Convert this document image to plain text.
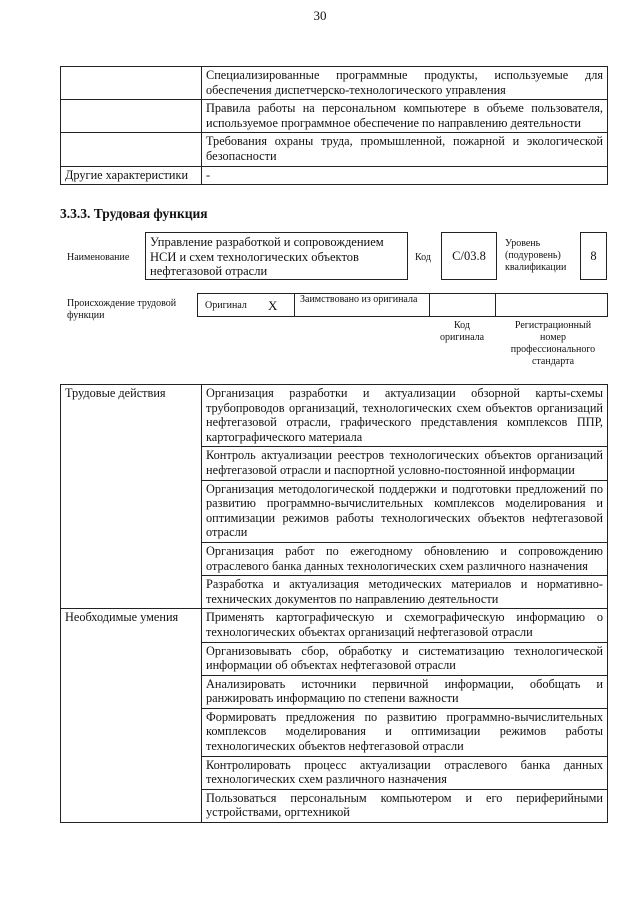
30
	Специализированные программные продукты, используемые для обеспечения диспетчерско-технологического управления
	Правила работы на персональном компьютере в объеме пользователя, используемое программное обеспечение по направлению деятельности
	Требования охраны труда, промышленной, пожарной и экологической безопасности
Другие характеристики	-
3.3.3. Трудовая функция
Наименование
Управление разработкой и сопровождением НСИ и схем технологических объектов нефтегазовой отрасли
Код C/03.8
Уровень (подуровень) квалификации
8
Происхождение трудовой функции
Оригинал X Заимствовано из оригинала
Код оригинала
Регистрационный номер профессионального стандарта
Трудовые действия	Организация разработки и актуализации обзорной карты-схемы трубопроводов организаций, технологических схем объектов организаций нефтегазовой отрасли, графического представления комплексов ППР, картографического материала
	Контроль актуализации реестров технологических объектов организаций нефтегазовой отрасли и паспортной условно-постоянной информации
	Организация методологической поддержки и подготовки предложений по развитию программно-вычислительных комплексов моделирования и оптимизации режимов работы технологических объектов нефтегазовой отрасли
	Организация работ по ежегодному обновлению и сопровождению отраслевого банка данных технологических схем различного назначения
	Разработка и актуализация методических материалов и нормативно-технических документов по направлению деятельности
Необходимые умения	Применять картографическую и схемографическую информацию о технологических объектах организаций нефтегазовой отрасли
	Организовывать сбор, обработку и систематизацию технологической информации об объектах нефтегазовой отрасли
	Анализировать источники первичной информации, обобщать и ранжировать информацию по степени важности
	Формировать предложения по развитию программно-вычислительных комплексов моделирования и оптимизации режимов работы технологических объектов нефтегазовой отрасли
	Контролировать процесс актуализации отраслевого банка данных технологических схем различного назначения
	Пользоваться персональным компьютером и его периферийными устройствами, оргтехникой
